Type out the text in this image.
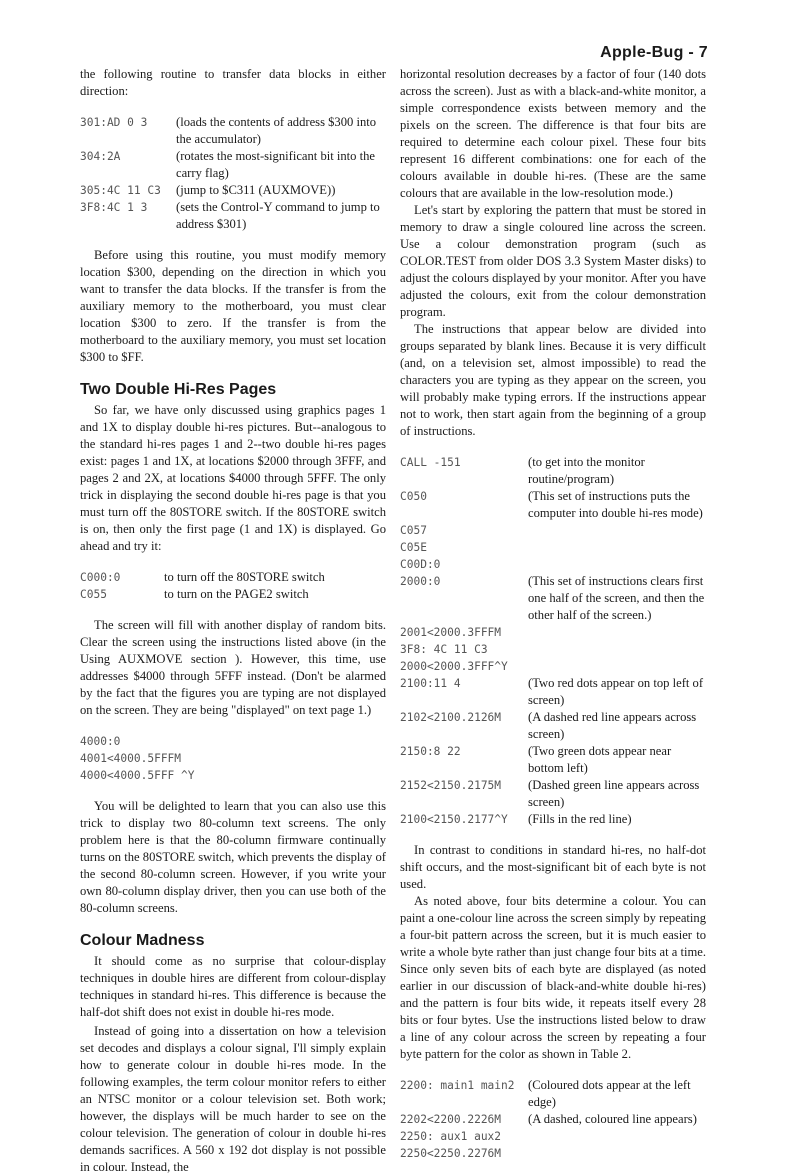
Apple-Bug - 7

the following routine to transfer data blocks in either direction:

301:AD 0 3	(loads the contents of address $300 into the accumulator)
304:2A	(rotates the most-significant bit into the carry flag)
305:4C 11 C3	(jump to $C311 (AUXMOVE))
3F8:4C 1 3	(sets the Control-Y command to jump to address $301)

Before using this routine, you must modify memory location $300, depending on the direction in which you want to transfer the data blocks. If the transfer is from the auxiliary memory to the motherboard, you must clear location $300 to zero. If the transfer is from the motherboard to the auxiliary memory, you must set location $300 to $FF.

Two Double Hi-Res Pages

So far, we have only discussed using graphics pages 1 and 1X to display double hi-res pictures. But--analogous to the standard hi-res pages 1 and 2--two double hi-res pages exist: pages 1 and 1X, at locations $2000 through 3FFF, and pages 2 and 2X, at locations $4000 through 5FFF. The only trick in displaying the second double hi-res page is that you must turn off the 80STORE switch. If the 80STORE switch is on, then only the first page (1 and 1X) is displayed. Go ahead and try it:

C000:0	to turn off the 80STORE switch
C055	to turn on the PAGE2 switch

The screen will fill with another display of random bits. Clear the screen using the instructions listed above (in the Using AUXMOVE section ). However, this time, use addresses $4000 through 5FFF instead. (Don't be alarmed by the fact that the figures you are typing are not displayed on the screen. They are being "displayed" on text page 1.)

4000:0
4001<4000.5FFFM
4000<4000.5FFF ^Y

You will be delighted to learn that you can also use this trick to display two 80-column text screens. The only problem here is that the 80-column firmware continually turns on the 80STORE switch, which prevents the display of the second 80-column screen. However, if you write your own 80-column display driver, then you can use both of the 80-column screens.

Colour Madness

It should come as no surprise that colour-display techniques in double hires are different from colour-display techniques in standard hi-res. This difference is because the half-dot shift does not exist in double hi-res mode.

Instead of going into a dissertation on how a television set decodes and displays a colour signal, I'll simply explain how to generate colour in double hi-res mode. In the following examples, the term colour monitor refers to either an NTSC monitor or a colour television set. Both work; however, the displays will be much harder to see on the colour television. The generation of colour in double hi-res demands sacrifices. A 560 x 192 dot display is not possible in colour. Instead, the

horizontal resolution decreases by a factor of four (140 dots across the screen). Just as with a black-and-white monitor, a simple correspondence exists between memory and the pixels on the screen. The difference is that four bits are required to determine each colour pixel. These four bits represent 16 different combinations: one for each of the colours available in double hi-res. (These are the same colours that are available in the low-resolution mode.)

Let's start by exploring the pattern that must be stored in memory to draw a single coloured line across the screen. Use a colour demonstration program (such as COLOR.TEST from older DOS 3.3 System Master disks) to adjust the colours displayed by your monitor. After you have adjusted the colours, exit from the colour demonstration program.

The instructions that appear below are divided into groups separated by blank lines. Because it is very difficult (and, on a television set, almost impossible) to read the characters you are typing as they appear on the screen, you will probably make typing errors. If the instructions appear not to work, then start again from the beginning of a group of instructions.

CALL -151	(to get into the monitor routine/program)
C050	(This set of instructions puts the computer into double hi-res mode)
C057	
C05E	
C00D:0	
2000:0	(This set of instructions clears first one half of the screen, and then the other half of the screen.)
2001<2000.3FFFM	
3F8: 4C 11 C3	
2000<2000.3FFF^Y	
2100:11 4	(Two red dots appear on top left of screen)
2102<2100.2126M	(A dashed red line appears across screen)
2150:8 22	(Two green dots appear near bottom left)
2152<2150.2175M	(Dashed green line appears across screen)
2100<2150.2177^Y	(Fills in the red line)

In contrast to conditions in standard hi-res, no half-dot shift occurs, and the most-significant bit of each byte is not used.

As noted above, four bits determine a colour. You can paint a one-colour line across the screen simply by repeating a four-bit pattern across the screen, but it is much easier to write a whole byte rather than just change four bits at a time. Since only seven bits of each byte are displayed (as noted earlier in our discussion of black-and-white double hi-res) and the pattern is four bits wide, it repeats itself every 28 bits or four bytes. Use the instructions listed below to draw a line of any colour across the screen by repeating a four byte pattern for the color as shown in Table 2.

2200: main1 main2	(Coloured dots appear at the left edge)
2202<2200.2226M	(A dashed, coloured line appears)
2250: aux1 aux2	
2250<2250.2276M	
